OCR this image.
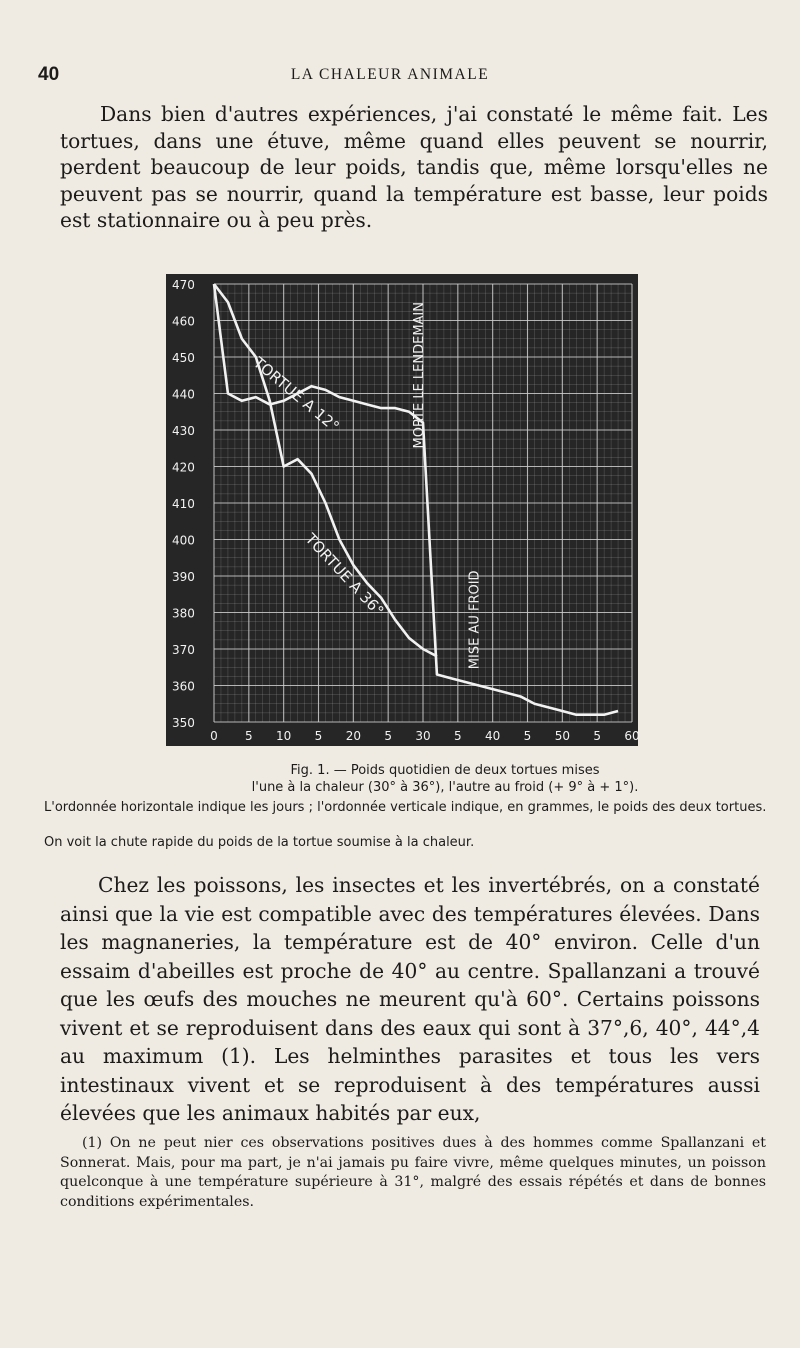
40	LA CHALEUR ANIMALE

Dans bien d'autres expériences, j'ai constaté le même fait. Les tortues, dans une étuve, même quand elles peuvent se nourrir, perdent beaucoup de leur poids, tandis que, même lorsqu'elles ne peuvent pas se nourrir, quand la température est basse, leur poids est stationnaire ou à peu près.

470
460
450
440
430
420
410
400
390
380
370
360
350
0 5 10 5 20 5 30 5 40 5 50 5 60
TORTUE A 12°
TORTUE A 36°
MORTE LE LENDEMAIN
MISE AU FROID

Fig. 1. — Poids quotidien de deux tortues mises
l'une à la chaleur (30° à 36°), l'autre au froid (+ 9° à + 1°).

L'ordonnée horizontale indique les jours ; l'ordonnée verticale indique, en grammes, le poids des deux tortues.

On voit la chute rapide du poids de la tortue soumise à la chaleur.

Chez les poissons, les insectes et les invertébrés, on a constaté ainsi que la vie est compatible avec des températures élevées. Dans les magnaneries, la température est de 40° environ. Celle d'un essaim d'abeilles est proche de 40° au centre. Spallanzani a trouvé que les œufs des mouches ne meurent qu'à 60°. Certains poissons vivent et se reproduisent dans des eaux qui sont à 37°,6, 40°, 44°,4 au maximum (1). Les helminthes parasites et tous les vers intestinaux vivent et se reproduisent à des températures aussi élevées que les animaux habités par eux,

(1) On ne peut nier ces observations positives dues à des hommes comme Spallanzani et Sonnerat. Mais, pour ma part, je n'ai jamais pu faire vivre, même quelques minutes, un poisson quelconque à une température supérieure à 31°, malgré des essais répétés et dans de bonnes conditions expérimentales.
